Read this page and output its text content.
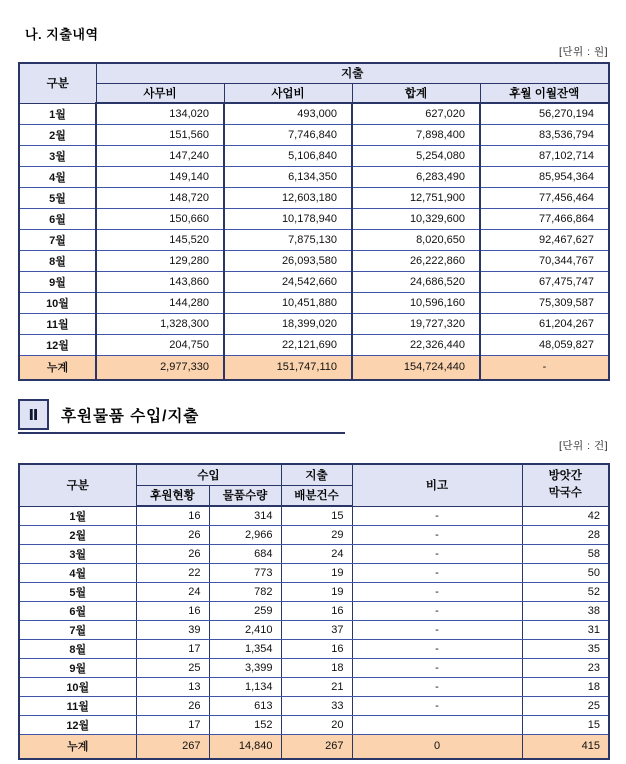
나. 지출내역
[단위 : 원]
구분	지출			
	사무비	사업비	합계	후월 이월잔액
1월	134,020	493,000	627,020	56,270,194
2월	151,560	7,746,840	7,898,400	83,536,794
3월	147,240	5,106,840	5,254,080	87,102,714
4월	149,140	6,134,350	6,283,490	85,954,364
5월	148,720	12,603,180	12,751,900	77,456,464
6월	150,660	10,178,940	10,329,600	77,466,864
7월	145,520	7,875,130	8,020,650	92,467,627
8월	129,280	26,093,580	26,222,860	70,344,767
9월	143,860	24,542,660	24,686,520	67,475,747
10월	144,280	10,451,880	10,596,160	75,309,587
11월	1,328,300	18,399,020	19,727,320	61,204,267
12월	204,750	22,121,690	22,326,440	48,059,827
누계	2,977,330	151,747,110	154,724,440	-
Ⅱ	후원물품 수입/지출
[단위 : 건]
구분	수입		지출	비고	방앗간
막국수

	후원현황	물품수량	배분건수		
1월	16	314	15	-	42
2월	26	2,966	29	-	28
3월	26	684	24	-	58
4월	22	773	19	-	50
5월	24	782	19	-	52
6월	16	259	16	-	38
7월	39	2,410	37	-	31
8월	17	1,354	16	-	35
9월	25	3,399	18	-	23
10월	13	1,134	21	-	18
11월	26	613	33	-	25
12월	17	152	20		15
누계	267	14,840	267	0	415
